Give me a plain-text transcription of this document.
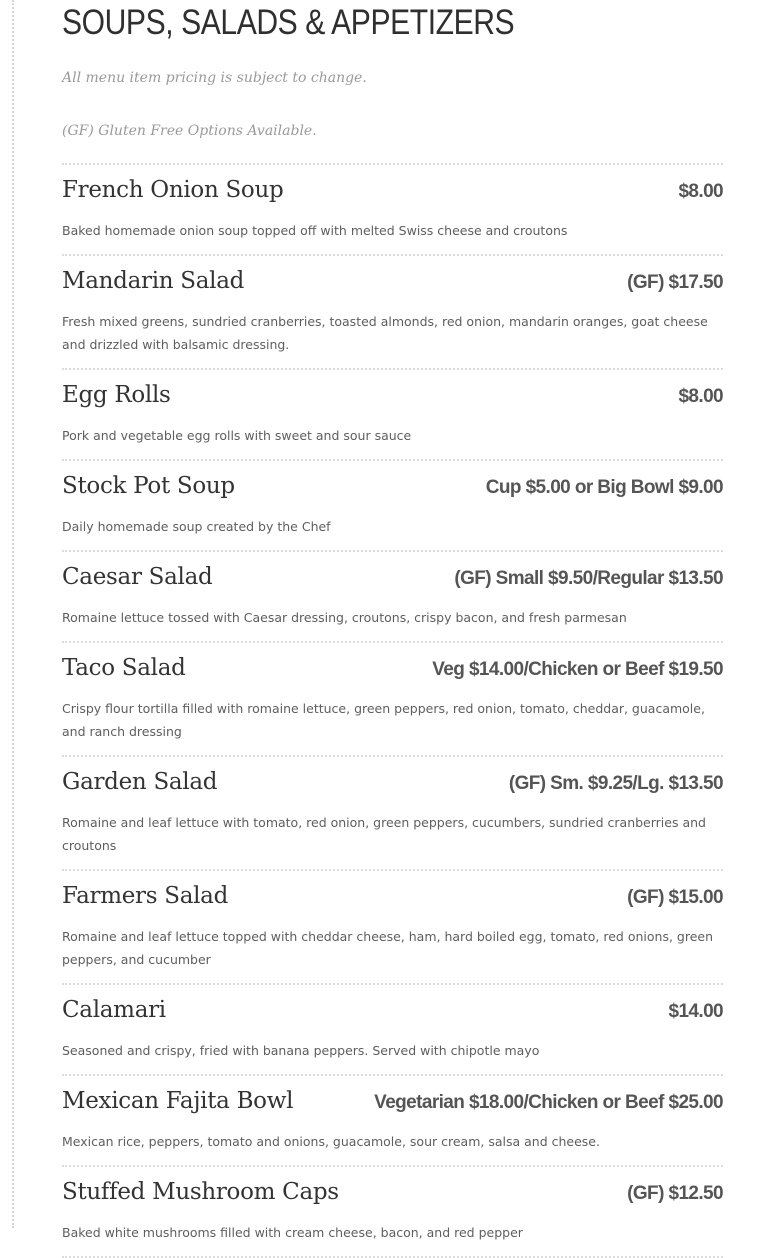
SOUPS, SALADS & APPETIZERS

All menu item pricing is subject to change.

(GF) Gluten Free Options Available.

French Onion Soup	$8.00
Baked homemade onion soup topped off with melted Swiss cheese and croutons
Mandarin Salad	(GF) $17.50
Fresh mixed greens, sundried cranberries, toasted almonds, red onion, mandarin oranges, goat cheese and drizzled with balsamic dressing.
Egg Rolls	$8.00
Pork and vegetable egg rolls with sweet and sour sauce
Stock Pot Soup	Cup $5.00 or Big Bowl $9.00
Daily homemade soup created by the Chef
Caesar Salad	(GF) Small $9.50/Regular $13.50
Romaine lettuce tossed with Caesar dressing, croutons, crispy bacon, and fresh parmesan
Taco Salad	Veg $14.00/Chicken or Beef $19.50
Crispy flour tortilla filled with romaine lettuce, green peppers, red onion, tomato, cheddar, guacamole, and ranch dressing
Garden Salad	(GF) Sm. $9.25/Lg. $13.50
Romaine and leaf lettuce with tomato, red onion, green peppers, cucumbers, sundried cranberries and croutons
Farmers Salad	(GF) $15.00
Romaine and leaf lettuce topped with cheddar cheese, ham, hard boiled egg, tomato, red onions, green peppers, and cucumber
Calamari	$14.00
Seasoned and crispy, fried with banana peppers. Served with chipotle mayo
Mexican Fajita Bowl	Vegetarian $18.00/Chicken or Beef $25.00
Mexican rice, peppers, tomato and onions, guacamole, sour cream, salsa and cheese.
Stuffed Mushroom Caps	(GF) $12.50
Baked white mushrooms filled with cream cheese, bacon, and red pepper
